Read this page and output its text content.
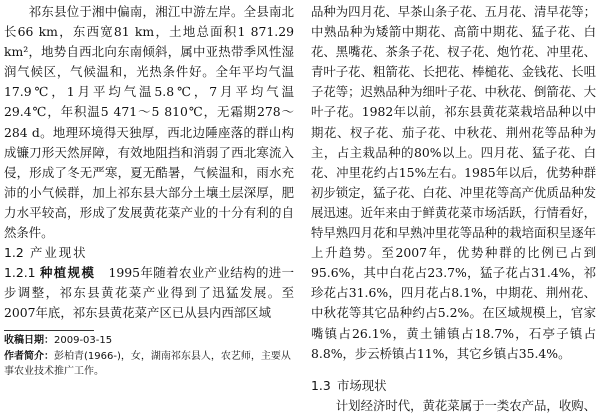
祁东县位于湘中偏南，湘江中游左岸。全县南北长66 km，东西宽81 km，土地总面积1 871.29 km²，地势自西北向东南倾斜，属中亚热带季风性湿润气候区，气候温和，光热条件好。全年平均气温17.9℃，1月平均气温5.8℃，7月平均气温29.4℃，年积温5 471～5 810℃，无霜期278～284 d。地理环境得天独厚，西北边陲座落的群山构成镰刀形天然屏障，有效地阻挡和消弱了西北寒流入侵，形成了冬无严寒，夏无酷暑，气候温和，雨水充沛的小气候群，加上祁东县大部分土壤土层深厚，肥力水平较高，形成了发展黄花菜产业的十分有利的自然条件。

1.2 产业现状

1.2.1 种植规模 1995年随着农业产业结构的进一步调整，祁东县黄花菜产业得到了迅猛发展。至2007年底，祁东县黄花菜产区已从县内西部区域

收稿日期：2009-03-15

作者简介：彭柏青(1966-)，女，湖南祁东县人，农艺师，主要从事农业技术推广工作。

品种为四月花、早茶山条子花、五月花、清早花等；中熟品种为矮箭中期花、高箭中期花、猛子花、白花、黑嘴花、茶条子花、杈子花、炮竹花、冲里花、青叶子花、粗箭花、长把花、棒槌花、金钱花、长咀子花等；迟熟品种为细叶子花、中秋花、倒箭花、大叶子花。1982年以前，祁东县黄花菜栽培品种以中期花、杈子花、茄子花、中秋花、荆州花等品种为主，占主栽品种的80%以上。四月花、猛子花、白花、冲里花约占15%左右。1985年以后，优势种群初步锁定，猛子花、白花、冲里花等高产优质品种发展迅速。近年来由于鲜黄花菜市场活跃，行情看好，特早熟四月花和早熟冲里花等品种的栽培面积呈逐年上升趋势。至2007年，优势种群的比例已占到95.6%，其中白花占23.7%，猛子花占31.4%，祁珍花占31.6%，四月花占8.1%，中期花、荆州花、中秋花等其它品种约占5.2%。在区域规模上，官家嘴镇占26.1%，黄土铺镇占18.7%，石亭子镇占8.8%，步云桥镇占11%，其它乡镇占35.4%。

1.3 市场现状

计划经济时代，黄花菜属于一类农产品，收购、
